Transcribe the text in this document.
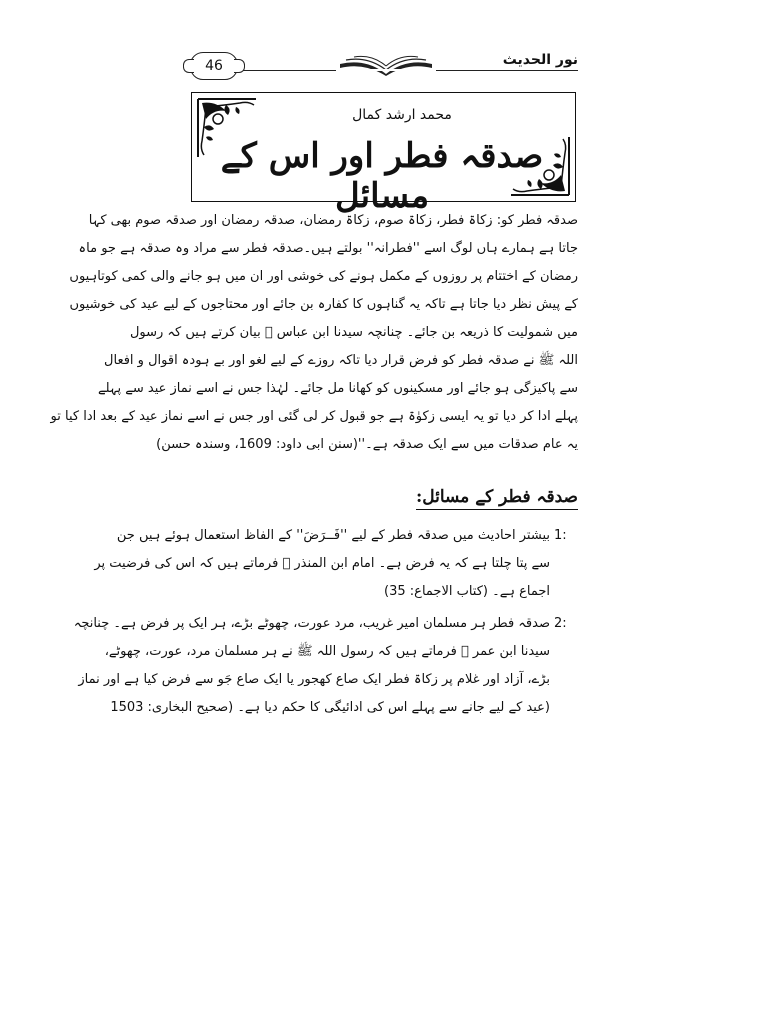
46	نور الحدیث
محمد ارشد کمال
صدقہ فطر اور اس کے مسائل
صدقہ فطر کو: زکاۃ فطر، زکاۃ صوم، زکاۃ رمضان، صدقہ رمضان اور صدقہ صوم بھی کہا
جاتا ہے ہمارے ہاں لوگ اسے ''فطرانہ'' بولتے ہیں۔صدقہ فطر سے مراد وہ صدقہ ہے جو ماہ
رمضان کے اختتام پر روزوں کے مکمل ہونے کی خوشی اور ان میں ہو جانے والی کمی کوتاہیوں
کے پیش نظر دیا جاتا ہے تاکہ یہ گناہوں کا کفارہ بن جائے اور محتاجوں کے لیے عید کی خوشیوں
میں شمولیت کا ذریعہ بن جائے۔ چنانچہ سیدنا ابن عباس ﷜ بیان کرتے ہیں کہ رسول
اللہ ﷺ نے صدقہ فطر کو فرض قرار دیا تاکہ روزے کے لیے لغو اور بے ہودہ اقوال و افعال
سے پاکیزگی ہو جائے اور مسکینوں کو کھانا مل جائے۔ لہٰذا جس نے اسے نماز عید سے پہلے
پہلے ادا کر دیا تو یہ ایسی زکوٰۃ ہے جو قبول کر لی گئی اور جس نے اسے نماز عید کے بعد ادا کیا تو
یہ عام صدقات میں سے ایک صدقہ ہے۔''(سنن ابی داود: 1609، وسندہ حسن)
صدقہ فطر کے مسائل:
1:
بیشتر احادیث میں صدقہ فطر کے لیے ''فَــرَضَ'' کے الفاظ استعمال ہوئے ہیں جن
سے پتا چلتا ہے کہ یہ فرض ہے۔ امام ابن المنذر ﷫ فرماتے ہیں کہ اس کی فرضیت پر
اجماع ہے۔ (کتاب الاجماع: 35)
2:
صدقہ فطر ہر مسلمان امیر غریب، مرد عورت، چھوٹے بڑے، ہر ایک پر فرض ہے۔ چنانچہ
سیدنا ابن عمر ﷠ فرماتے ہیں کہ رسول اللہ ﷺ نے ہر مسلمان مرد، عورت، چھوٹے،
بڑے، آزاد اور غلام پر زکاۃ فطر ایک صاع کھجور یا ایک صاع جَو سے فرض کیا ہے اور نماز
(عید کے لیے جانے سے پہلے اس کی ادائیگی کا حکم دیا ہے۔ (صحیح البخاری: 1503
